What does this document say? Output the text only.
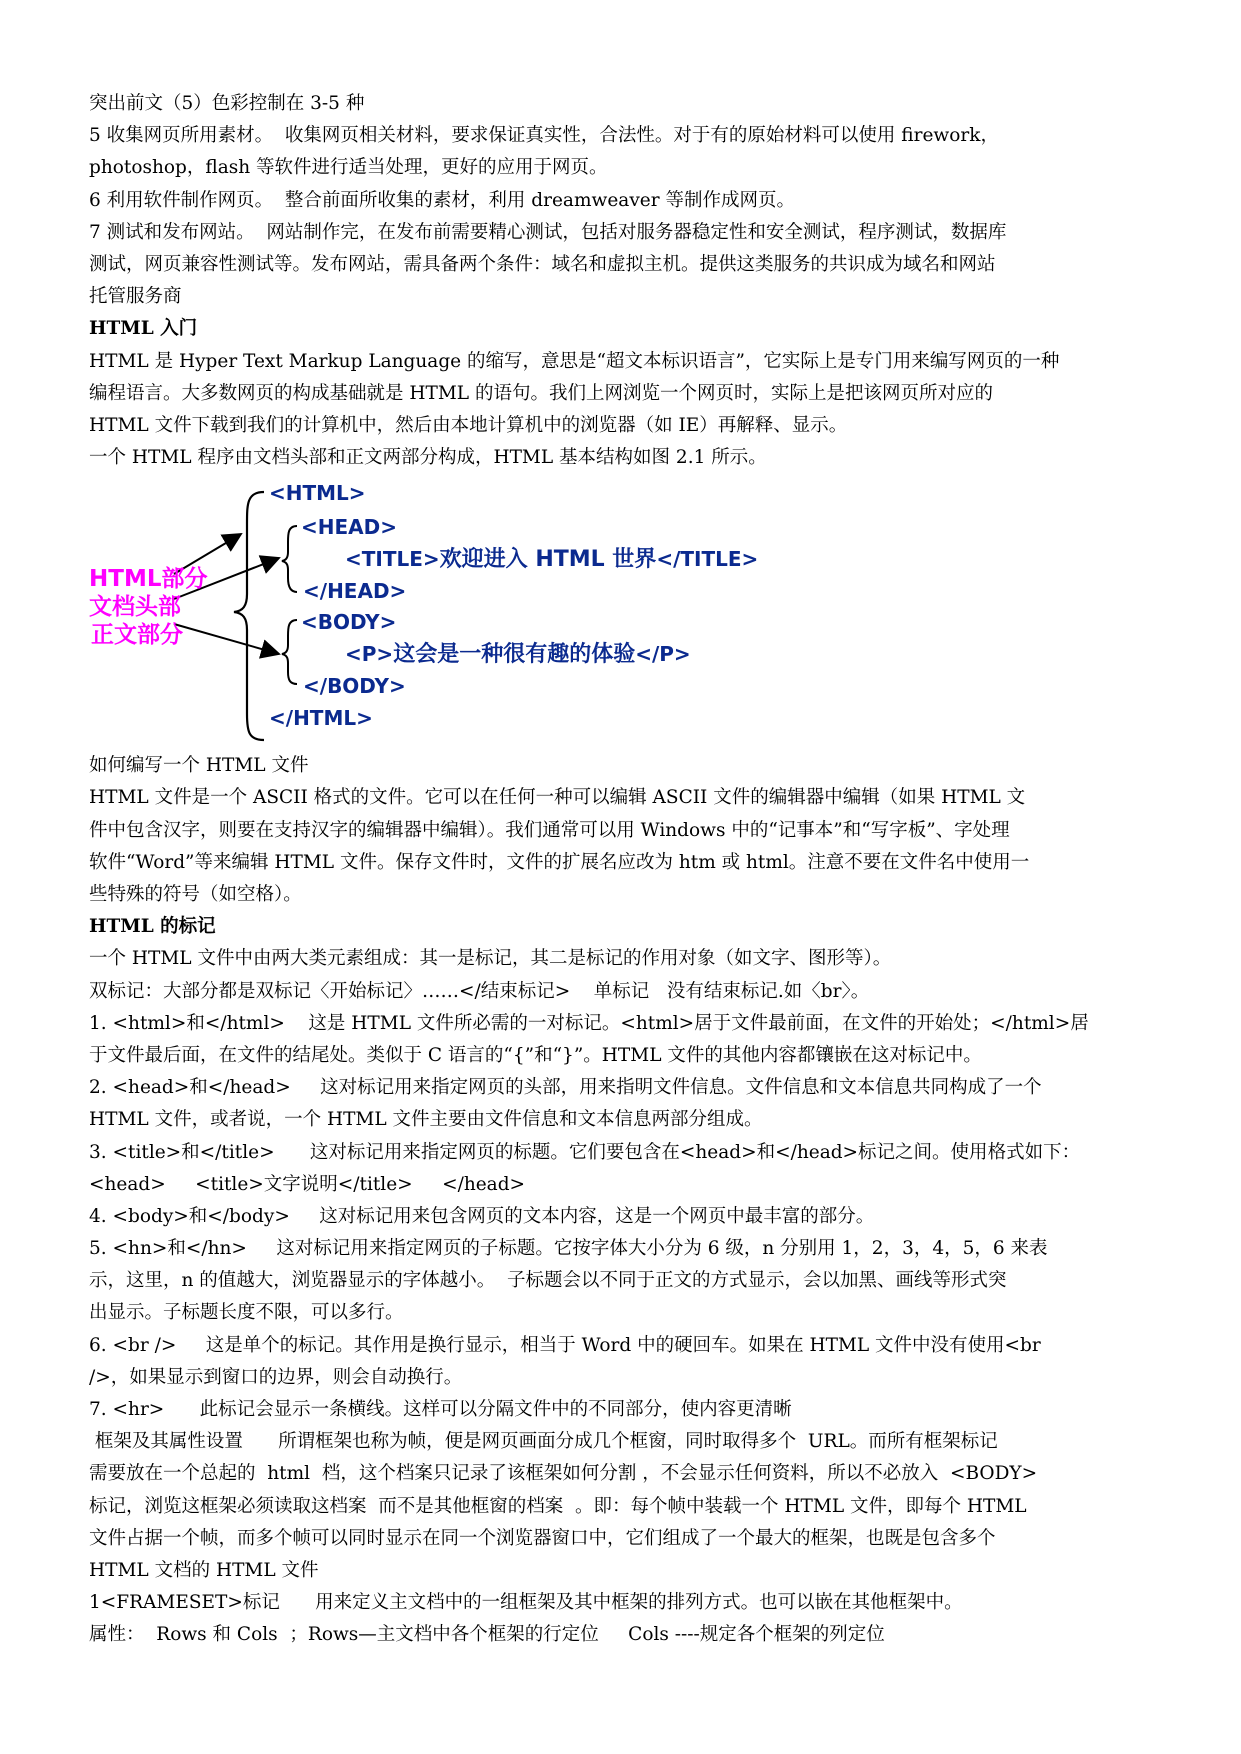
突出前文（5）色彩控制在 3-5 种

5 收集网页所用素材。  收集网页相关材料，要求保证真实性，合法性。对于有的原始材料可以使用 firework，

photoshop，flash 等软件进行适当处理，更好的应用于网页。

6 利用软件制作网页。  整合前面所收集的素材，利用 dreamweaver 等制作成网页。

7 测试和发布网站。  网站制作完，在发布前需要精心测试，包括对服务器稳定性和安全测试，程序测试，数据库

测试，网页兼容性测试等。发布网站，需具备两个条件：域名和虚拟主机。提供这类服务的共识成为域名和网站

托管服务商

HTML 入门

HTML 是 Hyper Text Markup Language 的缩写，意思是“超文本标识语言”，它实际上是专门用来编写网页的一种

编程语言。大多数网页的构成基础就是 HTML 的语句。我们上网浏览一个网页时，实际上是把该网页所对应的

HTML 文件下载到我们的计算机中，然后由本地计算机中的浏览器（如 IE）再解释、显示。

一个 HTML 程序由文档头部和正文两部分构成，HTML 基本结构如图 2.1 所示。

HTML部分
文档头部
正文部分
<HTML>
<HEAD>
<TITLE>欢迎进入 HTML 世界</TITLE>
</HEAD>
<BODY>
<P>这会是一种很有趣的体验</P>
</BODY>
</HTML>

如何编写一个 HTML 文件

HTML 文件是一个 ASCII 格式的文件。它可以在任何一种可以编辑 ASCII 文件的编辑器中编辑（如果 HTML 文

件中包含汉字，则要在支持汉字的编辑器中编辑）。我们通常可以用 Windows 中的“记事本”和“写字板”、字处理

软件“Word”等来编辑 HTML 文件。保存文件时，文件的扩展名应改为 htm 或 html。注意不要在文件名中使用一

些特殊的符号（如空格）。

HTML 的标记

一个 HTML 文件中由两大类元素组成：其一是标记，其二是标记的作用对象（如文字、图形等）。

双标记：大部分都是双标记〈开始标记〉……</结束标记>    单标记   没有结束标记.如〈br〉。

1. <html>和</html>    这是 HTML 文件所必需的一对标记。<html>居于文件最前面，在文件的开始处；</html>居

于文件最后面，在文件的结尾处。类似于 C 语言的“{”和“}”。HTML 文件的其他内容都镶嵌在这对标记中。

2. <head>和</head>     这对标记用来指定网页的头部，用来指明文件信息。文件信息和文本信息共同构成了一个

HTML 文件，或者说，一个 HTML 文件主要由文件信息和文本信息两部分组成。

3. <title>和</title>      这对标记用来指定网页的标题。它们要包含在<head>和</head>标记之间。使用格式如下：

<head>     <title>文字说明</title>     </head>

4. <body>和</body>     这对标记用来包含网页的文本内容，这是一个网页中最丰富的部分。

5. <hn>和</hn>     这对标记用来指定网页的子标题。它按字体大小分为 6 级，n 分别用 1，2，3，4，5，6 来表

示，这里，n 的值越大，浏览器显示的字体越小。  子标题会以不同于正文的方式显示，会以加黑、画线等形式突

出显示。子标题长度不限，可以多行。

6. <br />     这是单个的标记。其作用是换行显示，相当于 Word 中的硬回车。如果在 HTML 文件中没有使用<br

/>，如果显示到窗口的边界，则会自动换行。

7. <hr>      此标记会显示一条横线。这样可以分隔文件中的不同部分，使内容更清晰

框架及其属性设置      所谓框架也称为帧，便是网页画面分成几个框窗，同时取得多个  URL。而所有框架标记

需要放在一个总起的  html  档，这个档案只记录了该框架如何分割 ，不会显示任何资料，所以不必放入  <BODY>

标记，浏览这框架必须读取这档案  而不是其他框窗的档案  。即：每个帧中装载一个 HTML 文件，即每个 HTML

文件占据一个帧，而多个帧可以同时显示在同一个浏览器窗口中，它们组成了一个最大的框架，也既是包含多个

HTML 文档的 HTML 文件

1<FRAMESET>标记      用来定义主文档中的一组框架及其中框架的排列方式。也可以嵌在其他框架中。

属性：  Rows 和 Cols  ；Rows—主文档中各个框架的行定位     Cols ----规定各个框架的列定位
